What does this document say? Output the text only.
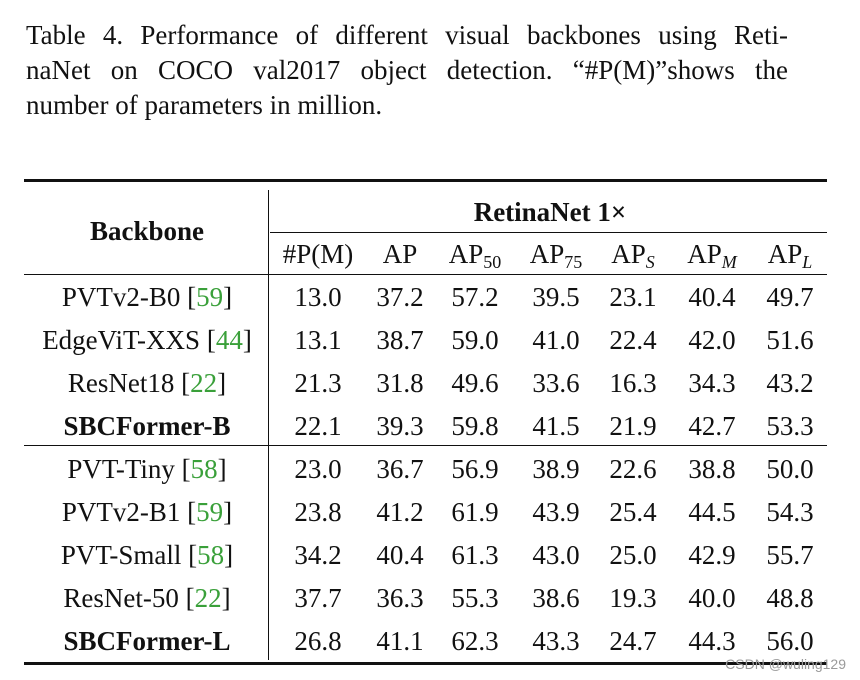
Table 4. Performance of different visual backbones using Reti-
naNet on COCO val2017 object detection. “#P(M)”shows the
number of parameters in million.
Backbone
RetinaNet 1×
#P(M) AP $AP_{50}$ $AP_{75}$ $AP_S$ $AP_M$ $AP_L$
PVTv2-B0 [59] 13.0 37.2 57.2 39.5 23.1 40.4 49.7
EdgeViT-XXS [44] 13.1 38.7 59.0 41.0 22.4 42.0 51.6
ResNet18 [22]	21.3 31.8 49.6 33.6 16.3 34.3 43.2
SBCFormer-B 22.1 39.3 59.8 41.5 21.9 42.7 53.3
PVT-Tiny [58]	23.0 36.7 56.9 38.9 22.6 38.8 50.0
PVTv2-B1 [59] 23.8 41.2 61.9 43.9 25.4 44.5 54.3
PVT-Small [58] 34.2 40.4 61.3 43.0 25.0 42.9 55.7
ResNet-50 [22] 37.7 36.3 55.3 38.6 19.3 40.0 48.8
SBCFormer-L 26.8 41.1 62.3 43.3 24.7 44.3 56.0
CSDN @wuling129
